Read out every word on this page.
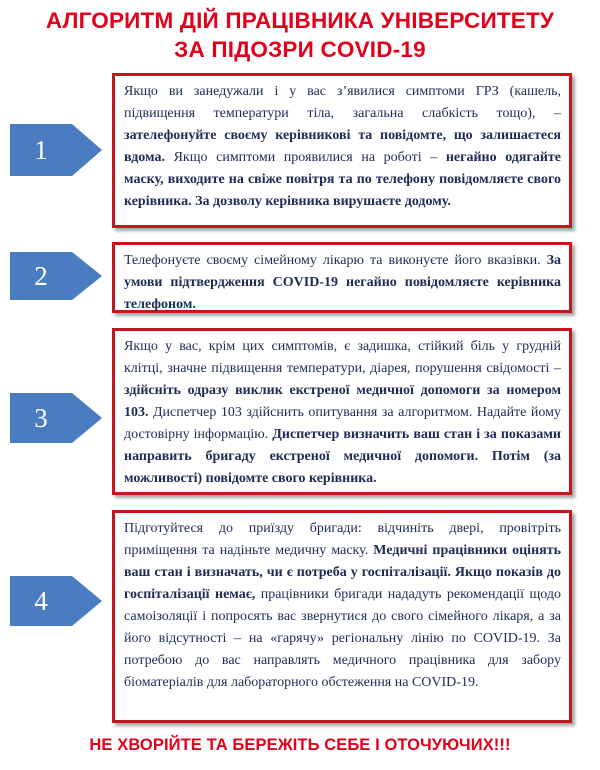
АЛГОРИТМ ДІЙ ПРАЦІВНИКА УНІВЕРСИТЕТУ
ЗА ПІДОЗРИ COVID-19
1
Якщо ви занедужали і у вас з’явилися симптоми ГРЗ (кашель, підвищення температури тіла, загальна слабкість тощо), – зателефонуйте своєму керівникові та повідомте, що залишаєтеся вдома. Якщо симптоми проявилися на роботі – негайно одягайте маску, виходите на свіже повітря та по телефону повідомляєте свого керівника. За дозволу керівника вирушаєте додому.
2	Телефонуєте своєму сімейному лікарю та виконуєте його вказівки. За умови підтвердження COVID-19 негайно повідомляєте керівника телефоном.
3
Якщо у вас, крім цих симптомів, є задишка, стійкий біль у грудній клітці, значне підвищення температури, діарея, порушення свідомості – здійсніть одразу виклик екстреної медичної допомоги за номером 103. Диспетчер 103 здійснить опитування за алгоритмом. Надайте йому достовірну інформацію. Диспетчер визначить ваш стан і за показами направить бригаду екстреної медичної допомоги. Потім (за можливості) повідомте свого керівника.
4
Підготуйтеся до приїзду бригади: відчиніть двері, провітріть приміщення та надіньте медичну маску. Медичні працівники оцінять ваш стан і визначать, чи є потреба у госпіталізації. Якщо показів до госпіталізації немає, працівники бригади нададуть рекомендації щодо самоізоляції і попросять вас звернутися до свого сімейного лікаря, а за його відсутності – на «гарячу» регіональну лінію по COVID-19. За потребою до вас направлять медичного працівника для забору біоматеріалів для лабораторного обстеження на COVID-19.
НЕ ХВОРІЙТЕ ТА БЕРЕЖІТЬ СЕБЕ І ОТОЧУЮЧИХ!!!
